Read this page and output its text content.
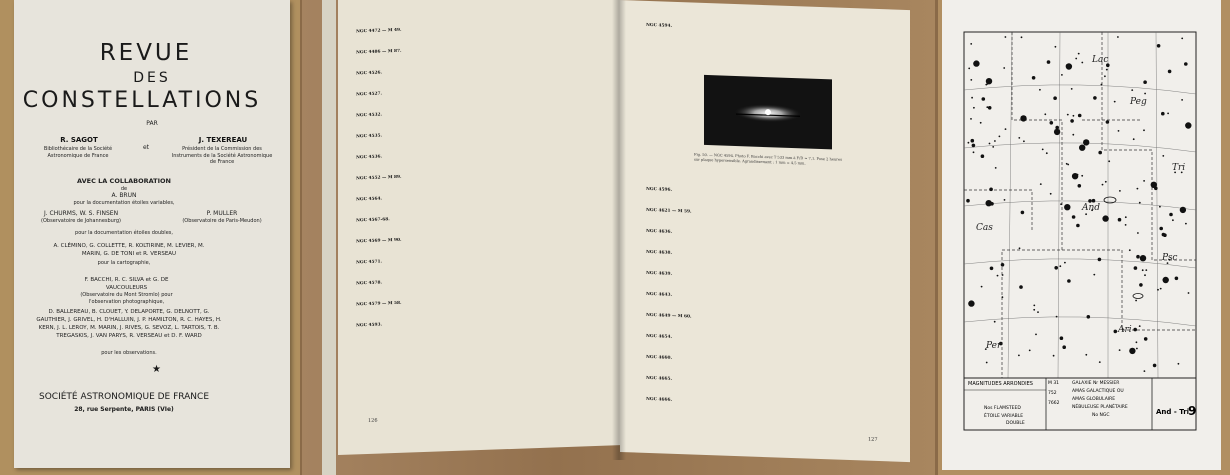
REVUE
DES
CONSTELLATIONS
PAR
R. SAGOT
Bibliothécaire de la Société Astronomique de France
et
J. TEXEREAU
Président de la Commission des Instruments de la Société Astronomique de France
AVEC LA COLLABORATION
de
A. BRUN
pour la documentation étoiles variables,
J. CHURMS, W. S. FINSEN
(Observatoire de Johannesburg)
P. MULLER
(Observatoire de Paris-Meudon)
pour la documentation étoiles doubles,
A. CLÉMINO, G. COLLETTE, R. KOLTIRINE, M. LEVIER, M. MARIN, G. DE TONI et R. VERSEAU
pour la cartographie,
F. BACCHI, R. C. SILVA et G. DE VAUCOULEURS
(Observatoire du Mont Stromlo) pour l'observation photographique,
D. BALLEREAU, B. CLOUET, Y. DELAPORTE, G. DELNOTT, G. GAUTHIER, J. GRIVEL, H. D'HALLUIN, J. P. HAMILTON, R. C. HAYES, H. KERN, J. L. LEROY, M. MARIN, J. RIVES, G. SEVOZ, L. TARTOIS, T. B. TREGASKIS, J. VAN PARYS, R. VERSEAU et D. F. WARD
pour les observations.
★
SOCIÉTÉ ASTRONOMIQUE DE FRANCE
28, rue Serpente, PARIS (VIe)
NGC 4472 — M 49.
NGC 4486 — M 87.
NGC 4526.
NGC 4527.
NGC 4532.
NGC 4535.
NGC 4536.
NGC 4552 — M 89.
NGC 4564.
NGC 4567-68.
NGC 4569 — M 90.
NGC 4571.
NGC 4578.
NGC 4579 — M 58.
NGC 4593.
126
Fig. 50. — NGC 4594. Photo F. Bacchi avec T 533 mm à F/D = 7,1. Pose 2 heures sur plaque hypersensible. Agrandissement : 1 mm = 4,5 mm.
NGC 4594.
NGC 4596.
NGC 4621 — M 59.
NGC 4636.
NGC 4638.
NGC 4639.
NGC 4643.
NGC 4649 — M 60.
NGC 4654.
NGC 4660.
NGC 4665.
NGC 4666.
127
Lac
Peg
Cas
And
Psc
Tri
Ari
Per
MAGNITUDES ARRONDIES
Nos FLAMSTEED
ÉTOILE VARIABLE
DOUBLE
M 31
752
7662
GALAXIE Nr MESSIER
AMAS GALACTIQUE OU
AMAS GLOBULAIRE
NÉBULEUSE PLANÉTAIRE
No NGC	And - Tri
9
